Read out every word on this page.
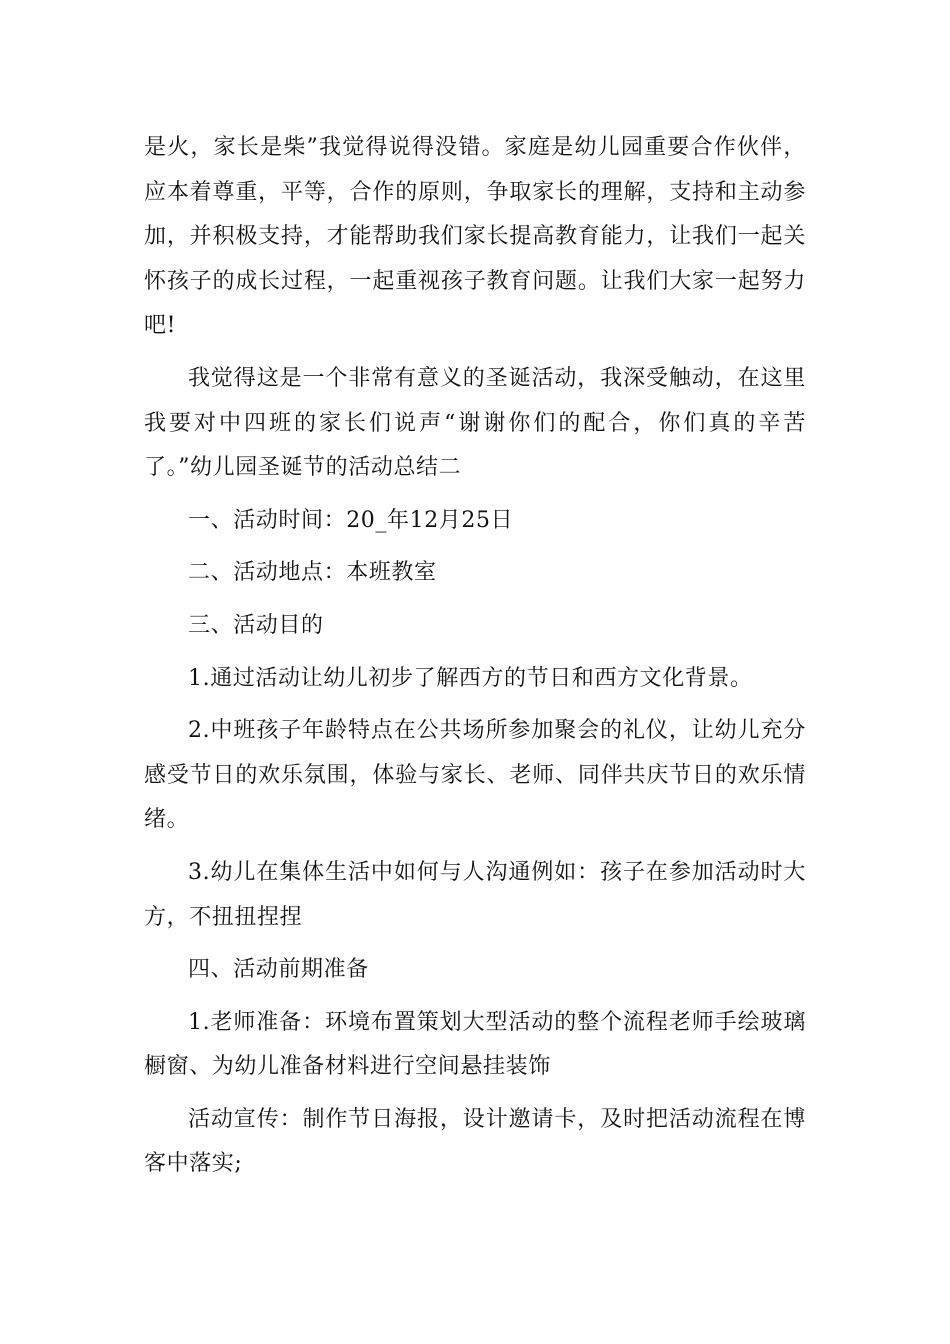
是火，家长是柴”我觉得说得没错。家庭是幼儿园重要合作伙伴，应本着尊重，平等，合作的原则，争取家长的理解，支持和主动参加，并积极支持，才能帮助我们家长提高教育能力，让我们一起关怀孩子的成长过程，一起重视孩子教育问题。让我们大家一起努力吧!

我觉得这是一个非常有意义的圣诞活动，我深受触动，在这里我要对中四班的家长们说声“谢谢你们的配合，你们真的辛苦了。”幼儿园圣诞节的活动总结二

一、活动时间：20_年12月25日

二、活动地点：本班教室

三、活动目的

1.通过活动让幼儿初步了解西方的节日和西方文化背景。

2.中班孩子年龄特点在公共场所参加聚会的礼仪，让幼儿充分感受节日的欢乐氛围，体验与家长、老师、同伴共庆节日的欢乐情绪。

3.幼儿在集体生活中如何与人沟通例如：孩子在参加活动时大方，不扭扭捏捏

四、活动前期准备

1.老师准备：环境布置策划大型活动的整个流程老师手绘玻璃橱窗、为幼儿准备材料进行空间悬挂装饰

活动宣传：制作节日海报，设计邀请卡，及时把活动流程在博客中落实;
